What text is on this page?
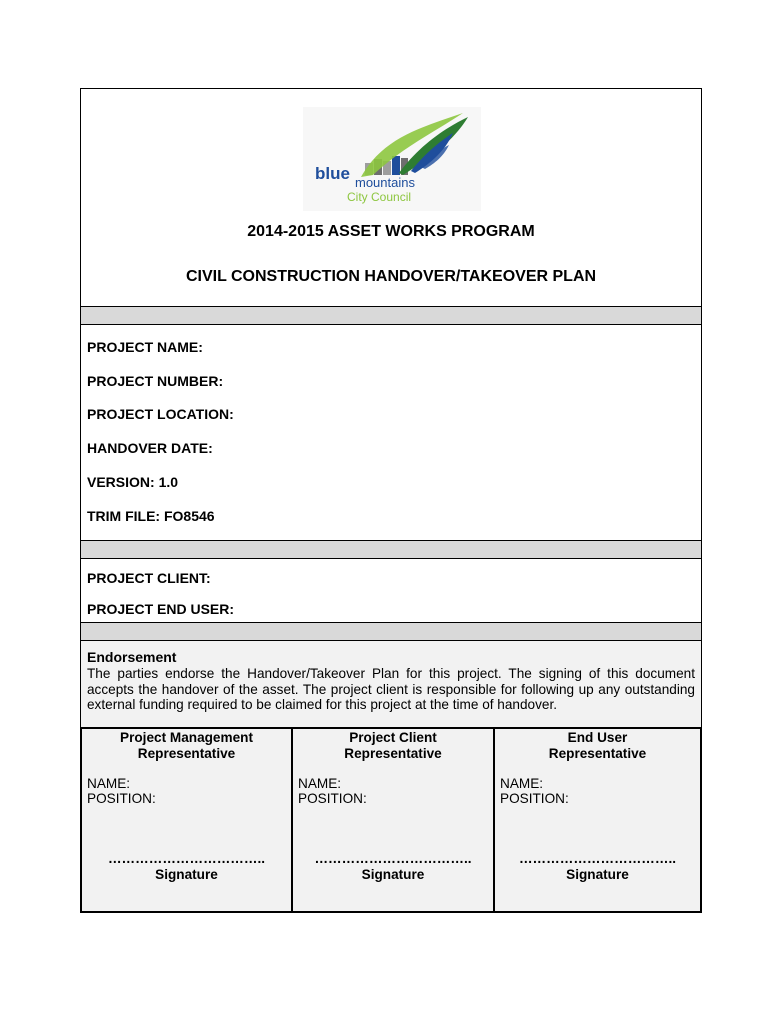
blue mountains
City Council
2014-2015 ASSET WORKS PROGRAM
CIVIL CONSTRUCTION HANDOVER/TAKEOVER PLAN
PROJECT NAME:
PROJECT NUMBER:
PROJECT LOCATION:
HANDOVER DATE:
VERSION: 1.0
TRIM FILE: FO8546
PROJECT CLIENT:
PROJECT END USER:
Endorsement
The parties endorse the Handover/Takeover Plan for this project. The signing of this document accepts the handover of the asset. The project client is responsible for following up any outstanding external funding required to be claimed for this project at the time of handover.
Project Management
Representative
NAME:
POSITION:
……………………………..
Signature
Project Client
Representative
NAME:
POSITION:
……………………………..
Signature
End User
Representative
NAME:
POSITION:
……………………………..
Signature
